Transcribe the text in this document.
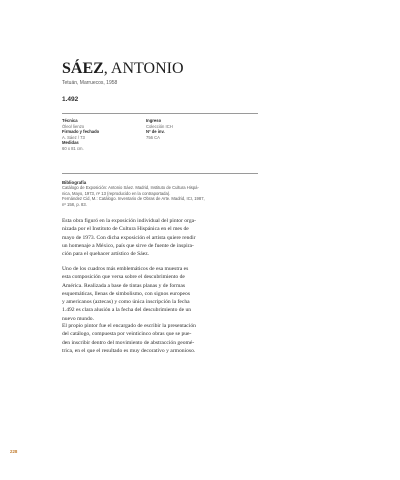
SÁEZ, ANTONIO
Tetuán, Marruecos, 1958
1.492
Técnica
Óleo/ lienzo
Firmado y fechado
A. Sáez / 73
Medidas
60 x 81 cm.
Ingreso
Colección ICH
Nº de inv.
756 CA
Bibliografía
Catálogo de Exposición: Antonio Sáez. Madrid, Instituto de Cultura Hispá-
nica, Mayo, 1973, nº 13 (reproducido en la contraportada).
Fernández Cid, M.: Catálogo. Inventario de Obras de Arte. Madrid, ICI, 1987,
nº 158, p. 83.
Esta obra figuró en la exposición individual del pintor orga-
nizada por el Instituto de Cultura Hispánica en el mes de
mayo de 1973. Con dicha exposición el artista quiere rendir
un homenaje a México, país que sirve de fuente de inspira-
ción para el quehacer artístico de Sáez.
Uno de los cuadros más emblemáticos de esa muestra es
esta composición que versa sobre el descubrimiento de
América. Realizada a base de tintas planas y de formas
esquemáticas, llenas de simbolismo, con signos europeos
y americanos (aztecas) y como única inscripción la fecha
1.492 es clara alusión a la fecha del descubrimiento de un
nuevo mundo.
El propio pintor fue el encargado de escribir la presentación
del catálogo, compuesta por veinticinco obras que se pue-
den inscribir dentro del movimiento de abstracción geomé-
trica, en el que el resultado es muy decorativo y armonioso.
228
